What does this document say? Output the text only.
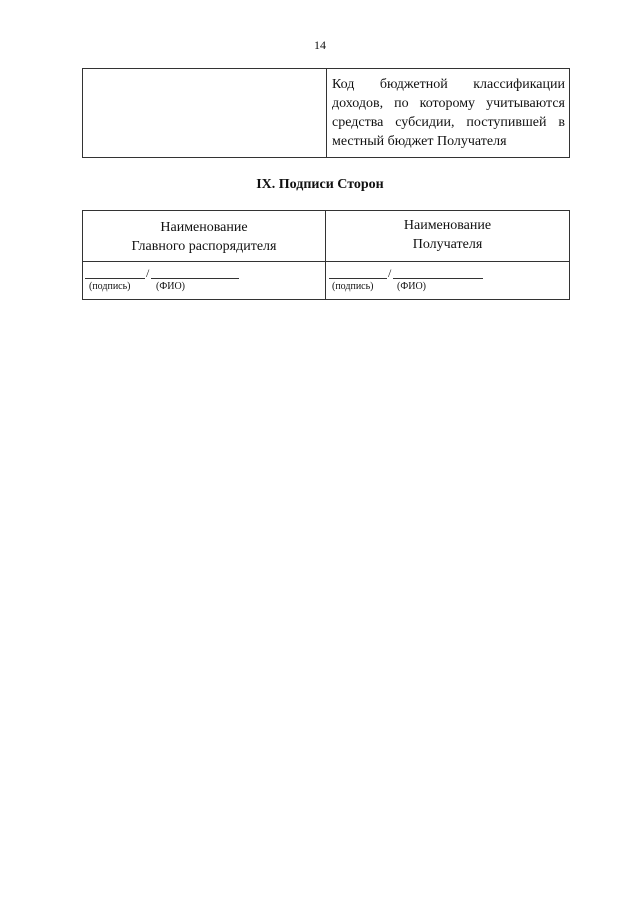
14
Код бюджетной классификации доходов, по которому учитываются средства субсидии, поступившей в местный бюджет Получателя
IX. Подписи Сторон
Наименование
Главного распорядителя
Наименование
Получателя
/
(подпись)	(ФИО)
/
(подпись) (ФИО)
